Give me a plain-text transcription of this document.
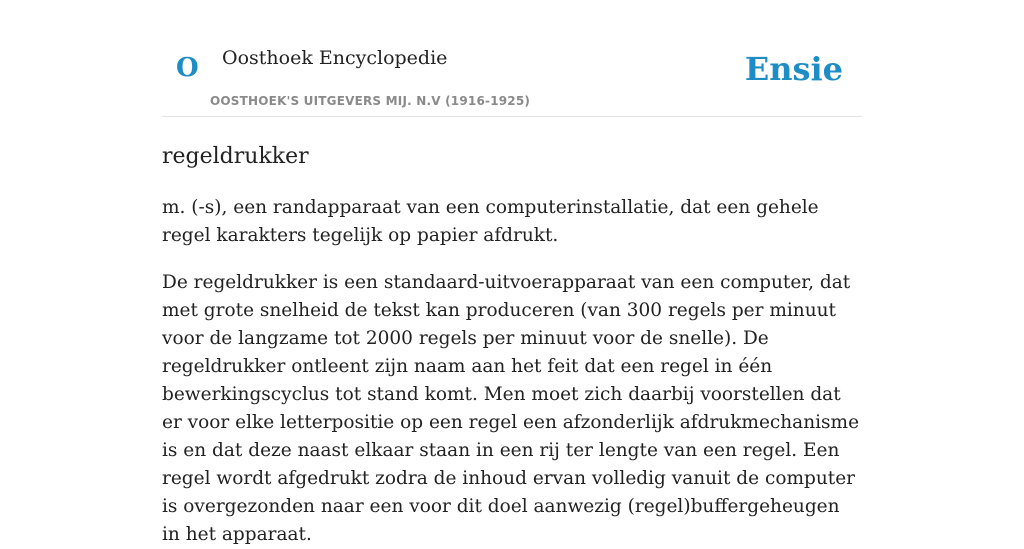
O Oosthoek Encyclopedie
OOSTHOEK'S UITGEVERS MIJ. N.V (1916-1925)
Ensie
regeldrukker

m. (-s), een randapparaat van een computerinstallatie, dat een gehele regel karakters tegelijk op papier afdrukt.

De regeldrukker is een standaard-uitvoerapparaat van een computer, dat met grote snelheid de tekst kan produceren (van 300 regels per minuut voor de langzame tot 2000 regels per minuut voor de snelle). De regeldrukker ontleent zijn naam aan het feit dat een regel in één bewerkingscyclus tot stand komt. Men moet zich daarbij voorstellen dat er voor elke letterpositie op een regel een afzonderlijk afdrukmechanisme is en dat deze naast elkaar staan in een rij ter lengte van een regel. Een regel wordt afgedrukt zodra de inhoud ervan volledig vanuit de computer is overgezonden naar een voor dit doel aanwezig (regel)buffergeheugen in het apparaat.
